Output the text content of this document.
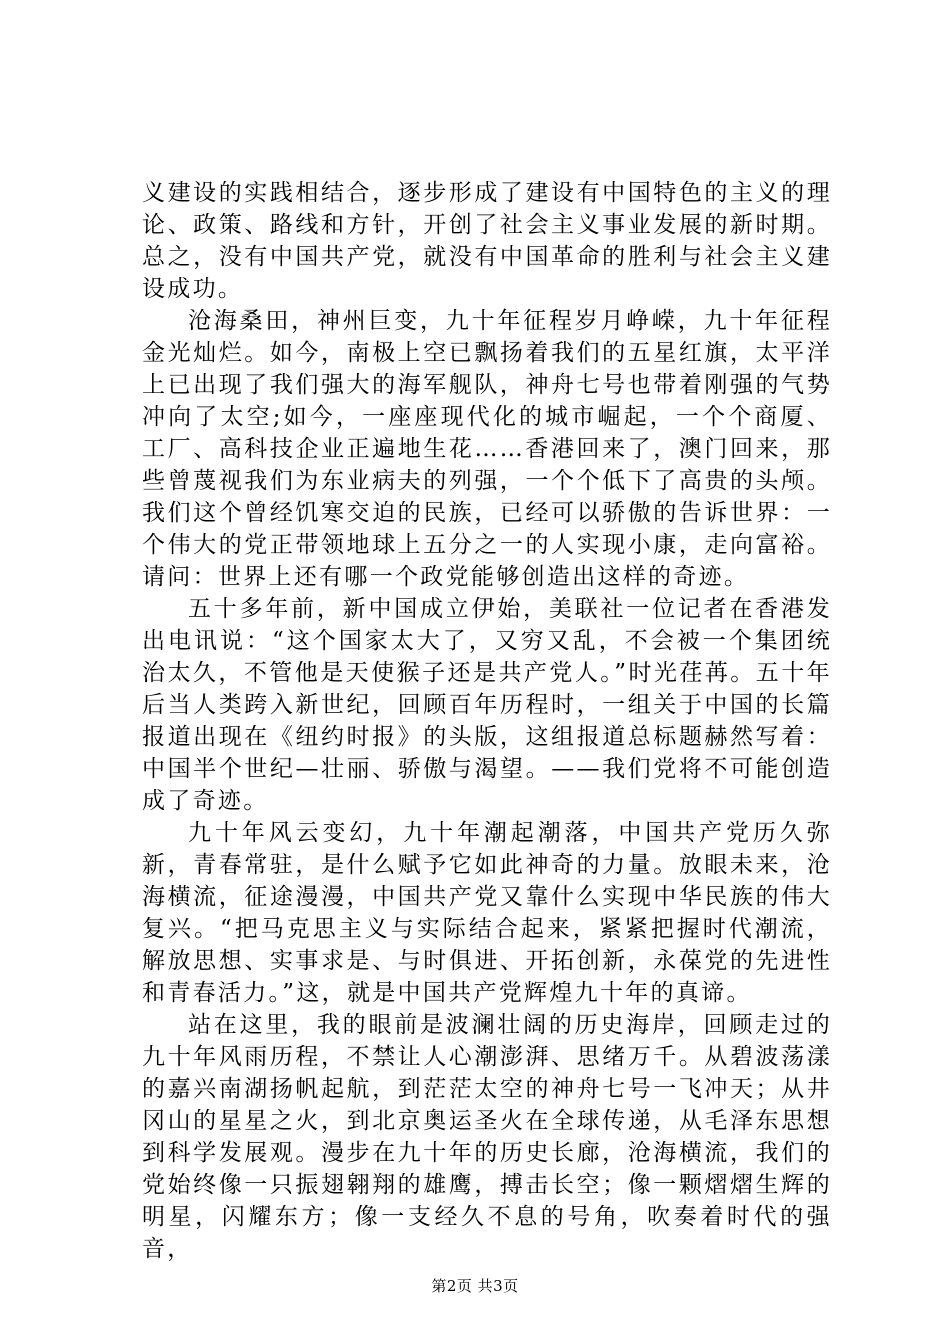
义建设的实践相结合，逐步形成了建设有中国特色的主义的理论、政策、路线和方针，开创了社会主义事业发展的新时期。总之，没有中国共产党，就没有中国革命的胜利与社会主义建设成功。

沧海桑田，神州巨变，九十年征程岁月峥嵘，九十年征程金光灿烂。如今，南极上空已飘扬着我们的五星红旗，太平洋上已出现了我们强大的海军舰队，神舟七号也带着刚强的气势冲向了太空;如今，一座座现代化的城市崛起，一个个商厦、工厂、高科技企业正遍地生花……香港回来了，澳门回来，那些曾蔑视我们为东业病夫的列强，一个个低下了高贵的头颅。我们这个曾经饥寒交迫的民族，已经可以骄傲的告诉世界：一个伟大的党正带领地球上五分之一的人实现小康，走向富裕。请问：世界上还有哪一个政党能够创造出这样的奇迹。

五十多年前，新中国成立伊始，美联社一位记者在香港发出电讯说：“这个国家太大了，又穷又乱，不会被一个集团统治太久，不管他是天使猴子还是共产党人。”时光荏苒。五十年后当人类跨入新世纪，回顾百年历程时，一组关于中国的长篇报道出现在《纽约时报》的头版，这组报道总标题赫然写着：中国半个世纪—壮丽、骄傲与渴望。——我们党将不可能创造成了奇迹。

九十年风云变幻，九十年潮起潮落，中国共产党历久弥新，青春常驻，是什么赋予它如此神奇的力量。放眼未来，沧海横流，征途漫漫，中国共产党又靠什么实现中华民族的伟大复兴。“把马克思主义与实际结合起来，紧紧把握时代潮流，解放思想、实事求是、与时俱进、开拓创新，永葆党的先进性和青春活力。”这，就是中国共产党辉煌九十年的真谛。

站在这里，我的眼前是波澜壮阔的历史海岸，回顾走过的九十年风雨历程，不禁让人心潮澎湃、思绪万千。从碧波荡漾的嘉兴南湖扬帆起航，到茫茫太空的神舟七号一飞冲天；从井冈山的星星之火，到北京奥运圣火在全球传递，从毛泽东思想到科学发展观。漫步在九十年的历史长廊，沧海横流，我们的党始终像一只振翅翱翔的雄鹰，搏击长空；像一颗熠熠生辉的明星，闪耀东方；像一支经久不息的号角，吹奏着时代的强音，

第2页 共3页
